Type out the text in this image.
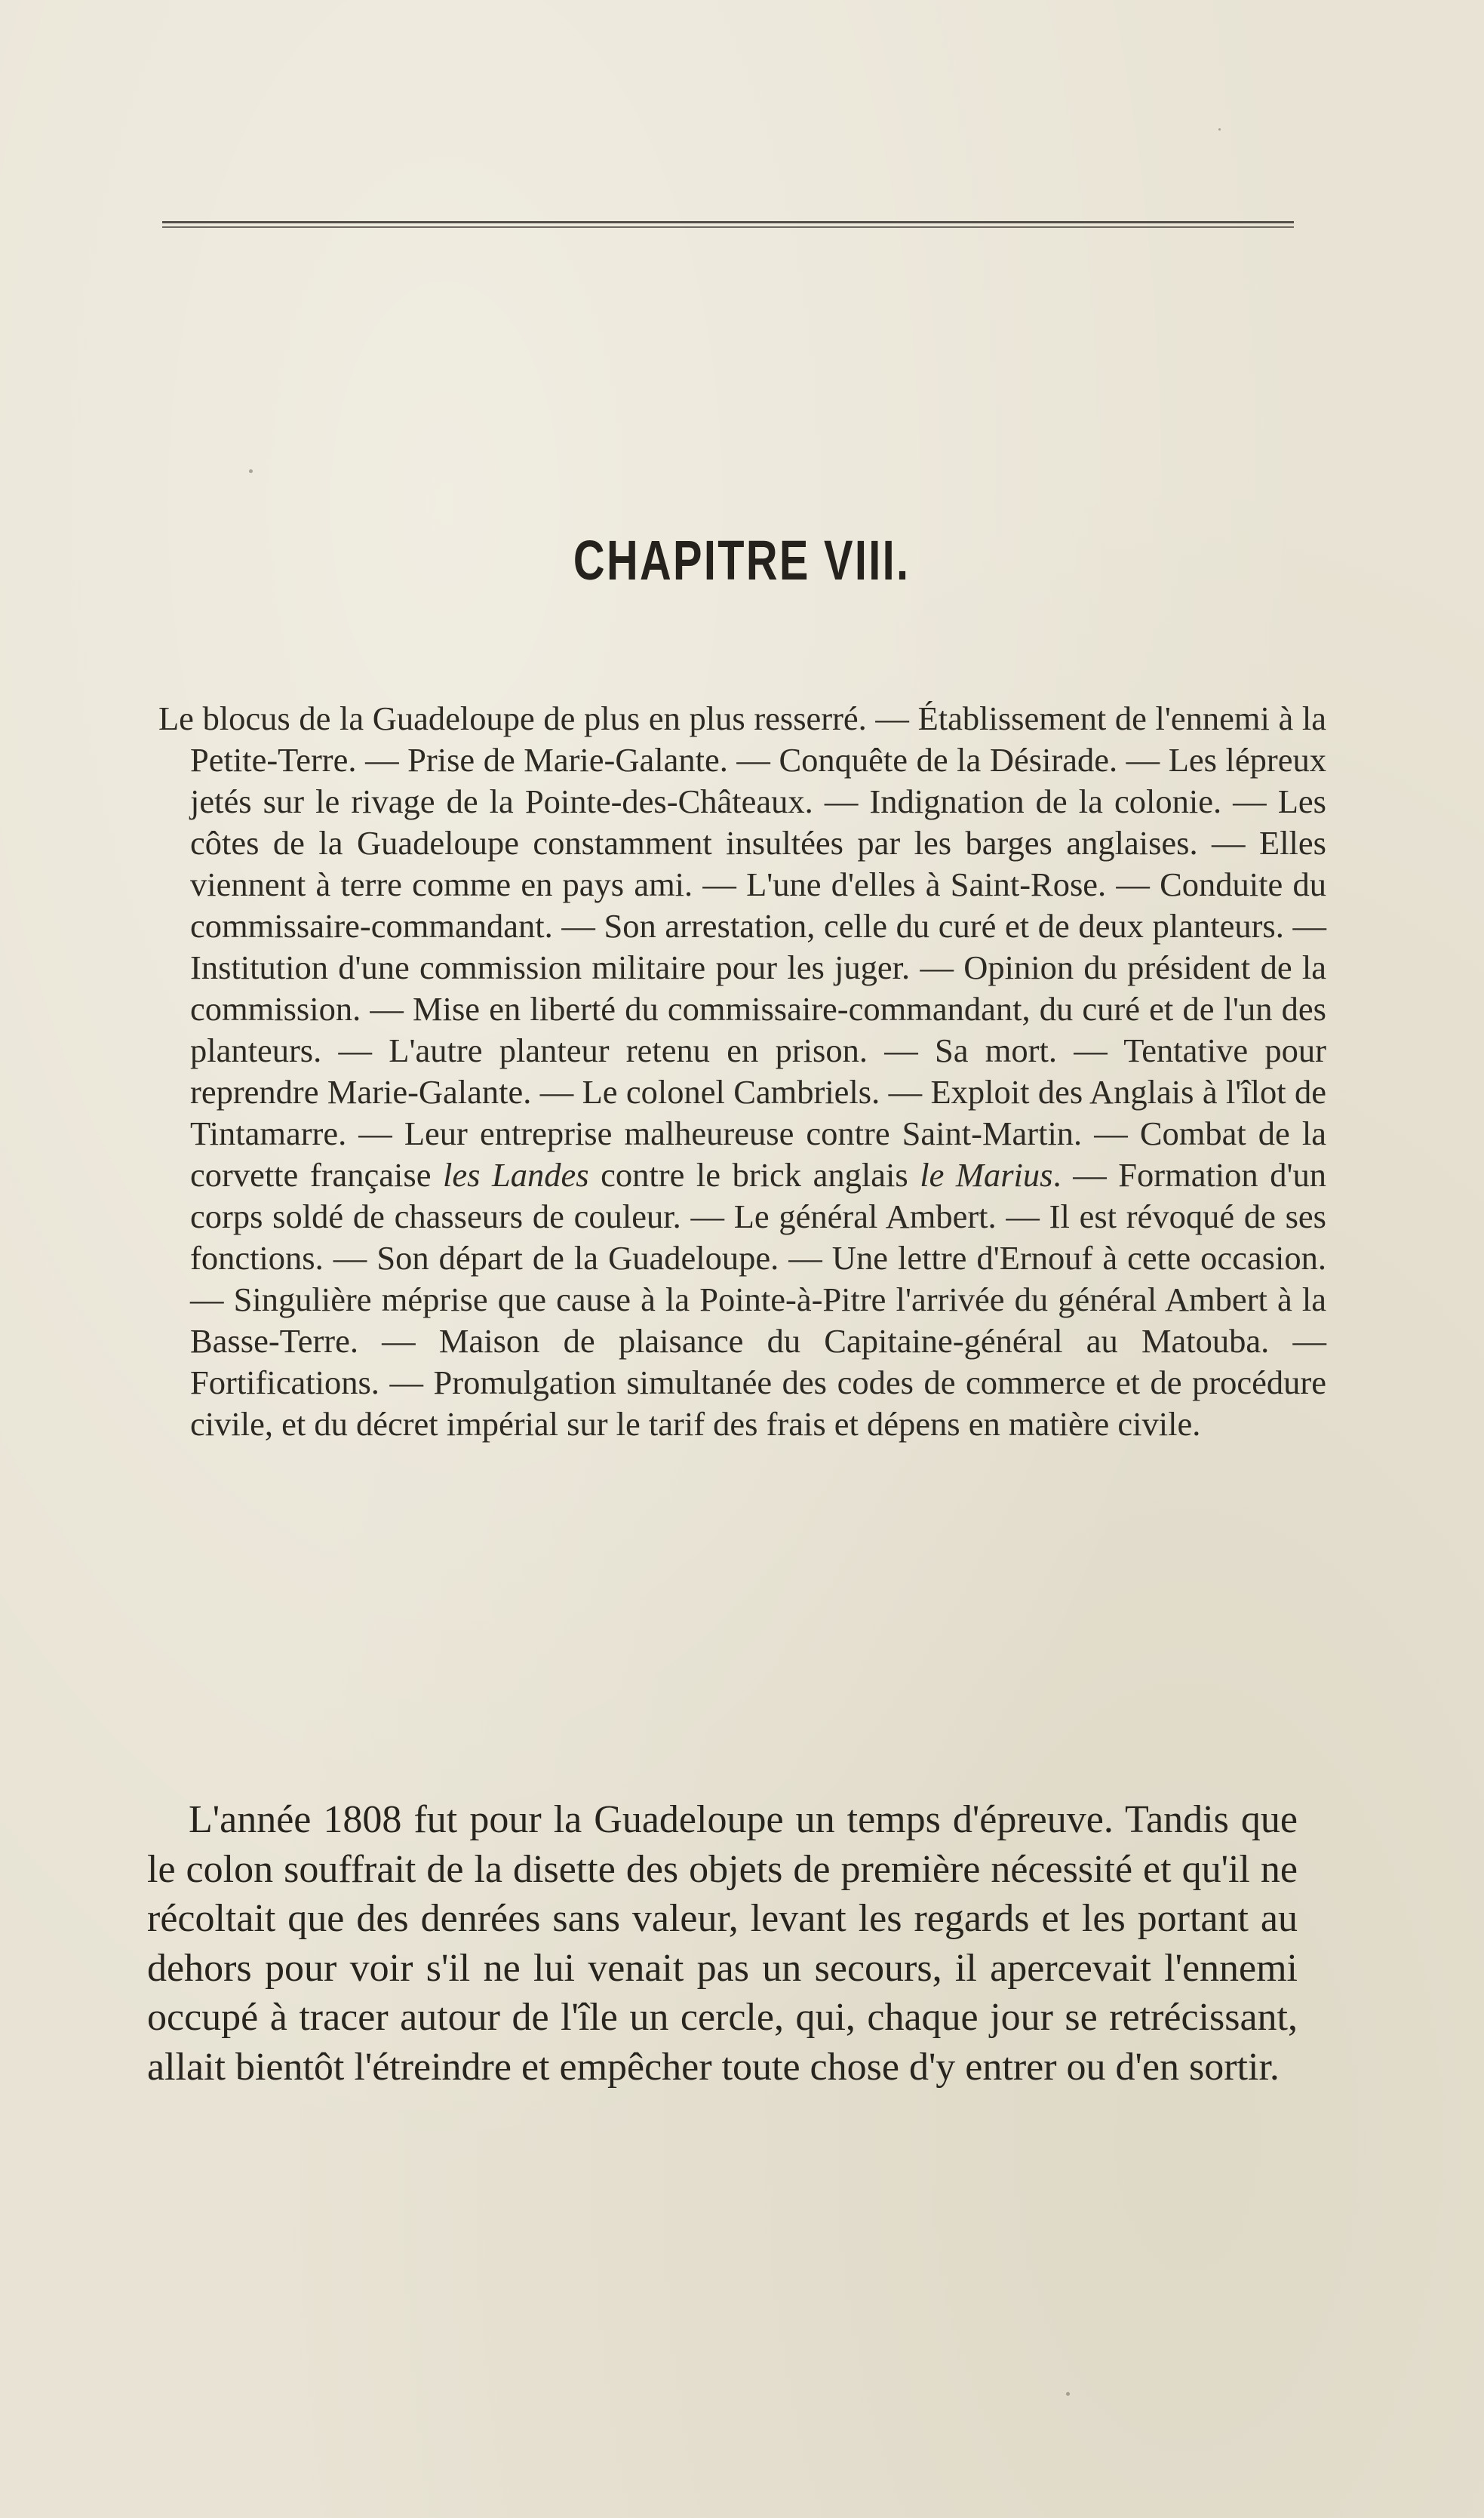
CHAPITRE VIII.

Le blocus de la Guadeloupe de plus en plus resserré. — Établissement de l'ennemi à la Petite-Terre. — Prise de Marie-Galante. — Conquête de la Désirade. — Les lépreux jetés sur le rivage de la Pointe-des-Châteaux. — Indignation de la colonie. — Les côtes de la Guadeloupe constamment insultées par les barges anglaises. — Elles viennent à terre comme en pays ami. — L'une d'elles à Saint-Rose. — Conduite du commissaire-commandant. — Son arrestation, celle du curé et de deux planteurs. — Institution d'une commission militaire pour les juger. — Opinion du président de la commission. — Mise en liberté du commissaire-commandant, du curé et de l'un des planteurs. — L'autre planteur retenu en prison. — Sa mort. — Tentative pour reprendre Marie-Galante. — Le colonel Cambriels. — Exploit des Anglais à l'îlot de Tintamarre. — Leur entreprise malheureuse contre Saint-Martin. — Combat de la corvette française les Landes contre le brick anglais le Marius. — Formation d'un corps soldé de chasseurs de couleur. — Le général Ambert. — Il est révoqué de ses fonctions. — Son départ de la Guadeloupe. — Une lettre d'Ernouf à cette occasion. — Singulière méprise que cause à la Pointe-à-Pitre l'arrivée du général Ambert à la Basse-Terre. — Maison de plaisance du Capitaine-général au Matouba. — Fortifications. — Promulgation simultanée des codes de commerce et de procédure civile, et du décret impérial sur le tarif des frais et dépens en matière civile.

L'année 1808 fut pour la Guadeloupe un temps d'épreuve. Tandis que le colon souffrait de la disette des objets de première nécessité et qu'il ne récoltait que des denrées sans valeur, levant les regards et les portant au dehors pour voir s'il ne lui venait pas un secours, il apercevait l'ennemi occupé à tracer autour de l'île un cercle, qui, chaque jour se retrécissant, allait bientôt l'étreindre et empêcher toute chose d'y entrer ou d'en sortir.
